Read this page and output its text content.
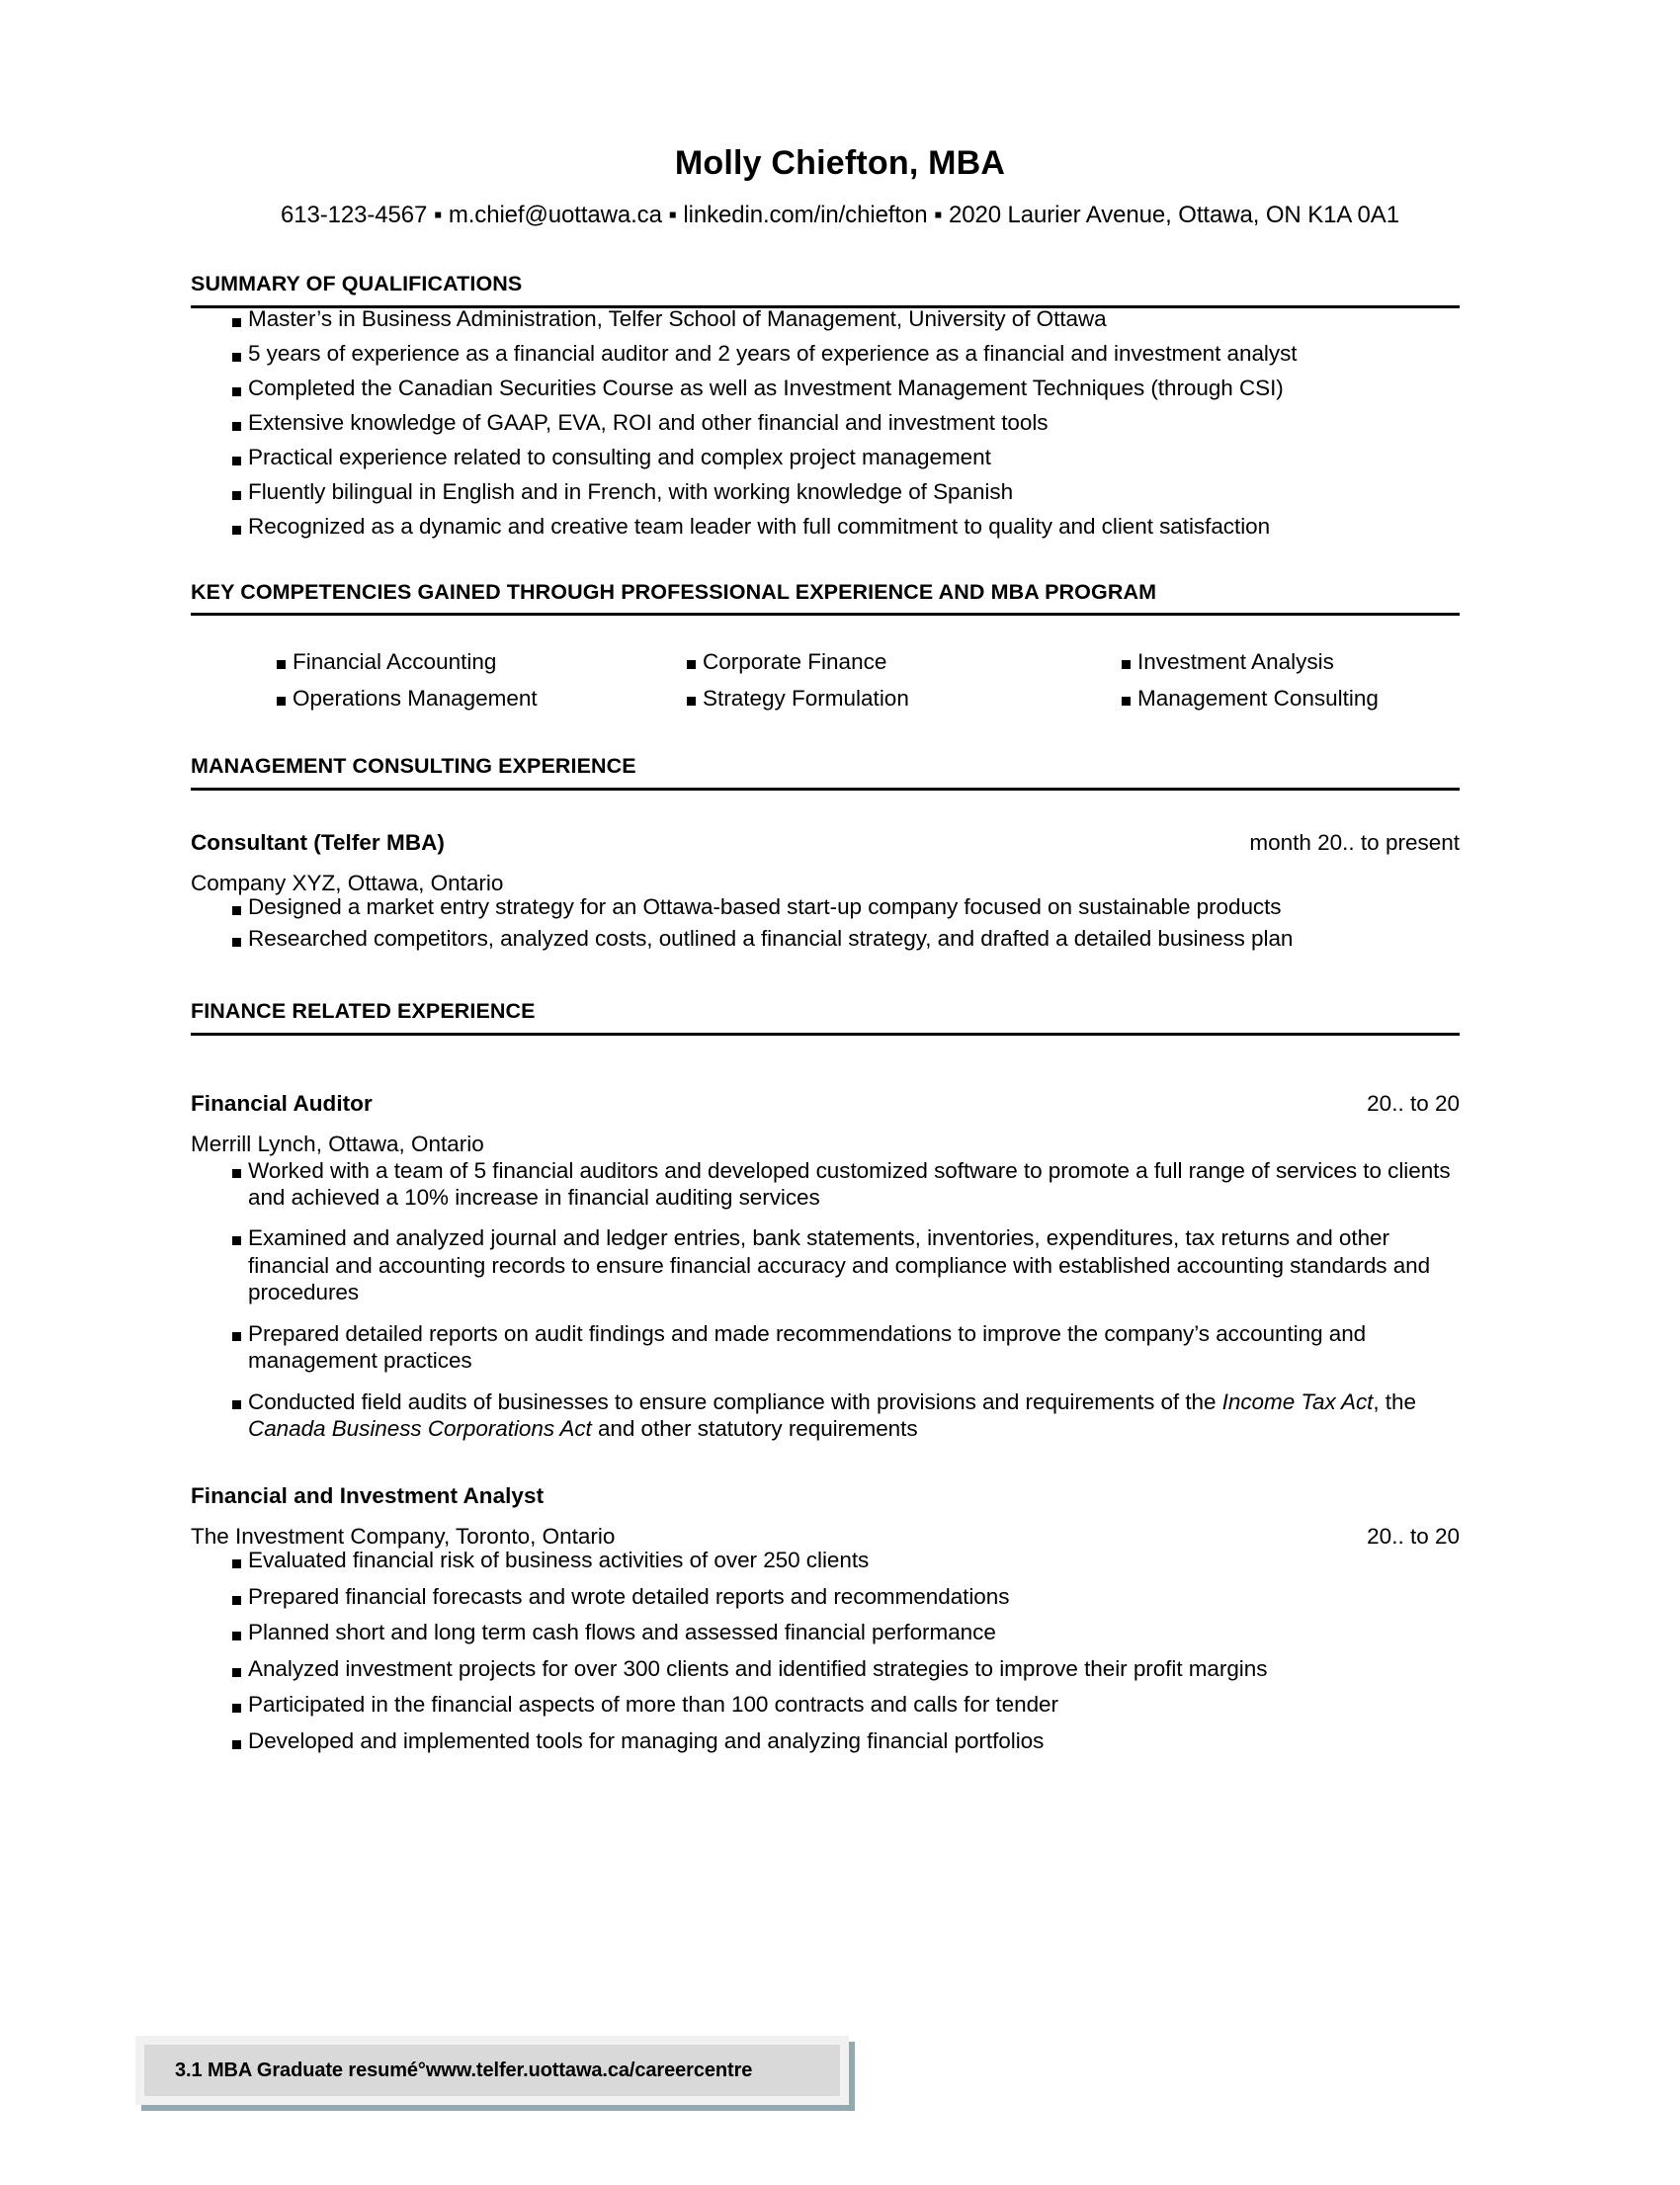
Molly Chiefton, MBA
613-123-4567 ▪ m.chief@uottawa.ca ▪ linkedin.com/in/chiefton ▪ 2020 Laurier Avenue, Ottawa, ON K1A 0A1
SUMMARY OF QUALIFICATIONS
Master’s in Business Administration, Telfer School of Management, University of Ottawa
5 years of experience as a financial auditor and 2 years of experience as a financial and investment analyst
Completed the Canadian Securities Course as well as Investment Management Techniques (through CSI)
Extensive knowledge of GAAP, EVA, ROI and other financial and investment tools
Practical experience related to consulting and complex project management
Fluently bilingual in English and in French, with working knowledge of Spanish
Recognized as a dynamic and creative team leader with full commitment to quality and client satisfaction
KEY COMPETENCIES GAINED THROUGH PROFESSIONAL EXPERIENCE AND MBA PROGRAM
Financial Accounting	Corporate Finance	Investment Analysis
Operations Management	Strategy Formulation	Management Consulting
MANAGEMENT CONSULTING EXPERIENCE
Consultant (Telfer MBA)	month 20.. to present
Company XYZ, Ottawa, Ontario
Designed a market entry strategy for an Ottawa-based start-up company focused on sustainable products
Researched competitors, analyzed costs, outlined a financial strategy, and drafted a detailed business plan
FINANCE RELATED EXPERIENCE
Financial Auditor	20.. to 20
Merrill Lynch, Ottawa, Ontario
Worked with a team of 5 financial auditors and developed customized software to promote a full range of services to clients and achieved a 10% increase in financial auditing services
Examined and analyzed journal and ledger entries, bank statements, inventories, expenditures, tax returns and other financial and accounting records to ensure financial accuracy and compliance with established accounting standards and procedures
Prepared detailed reports on audit findings and made recommendations to improve the company’s accounting and management practices
Conducted field audits of businesses to ensure compliance with provisions and requirements of the Income Tax Act, the Canada Business Corporations Act and other statutory requirements
Financial and Investment Analyst
The Investment Company, Toronto, Ontario	20.. to 20
Evaluated financial risk of business activities of over 250 clients
Prepared financial forecasts and wrote detailed reports and recommendations
Planned short and long term cash flows and assessed financial performance
Analyzed investment projects for over 300 clients and identified strategies to improve their profit margins
Participated in the financial aspects of more than 100 contracts and calls for tender
Developed and implemented tools for managing and analyzing financial portfolios
3.1 MBA Graduate resumé°www.telfer.uottawa.ca/careercentre
